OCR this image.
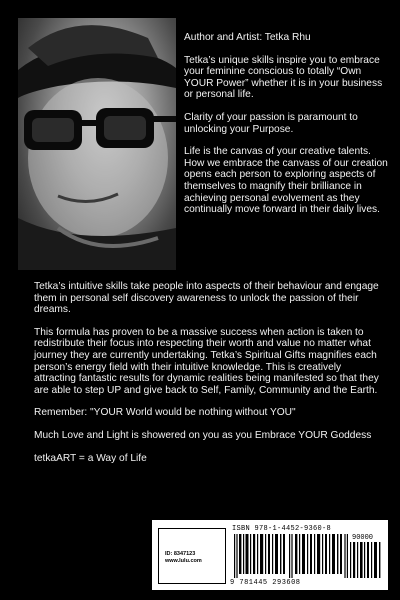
Author and Artist: Tetka Rhu

Tetka’s unique skills inspire you to embrace your feminine conscious to totally “Own YOUR Power” whether it is in your business or personal life.

Clarity of your passion is paramount to unlocking your Purpose.

Life is the canvas of your creative talents.

How we embrace the canvass of our creation opens each person to exploring aspects of themselves to magnify their brilliance in achieving personal evolvement as they continually move forward in their daily lives.

Tetka’s intuitive skills take people into aspects of their behaviour and engage them in personal self discovery awareness to unlock the passion of their dreams.

This formula has proven to be a massive success when action is taken to redistribute their focus into respecting their worth and value no matter what journey they are currently undertaking. Tetka’s Spiritual Gifts magnifies each person’s energy field with their intuitive knowledge. This is creatively attracting fantastic results for dynamic realities being manifested so that they are able to step UP and give back to Self, Family, Community and the Earth.

Remember: "YOUR World would be nothing without YOU"

Much Love and Light is showered on you as you Embrace YOUR Goddess

tetkaART = a Way of Life

ID: 8347123
www.lulu.com
ISBN 978-1-4452-9360-8
90000
9 781445 293608
